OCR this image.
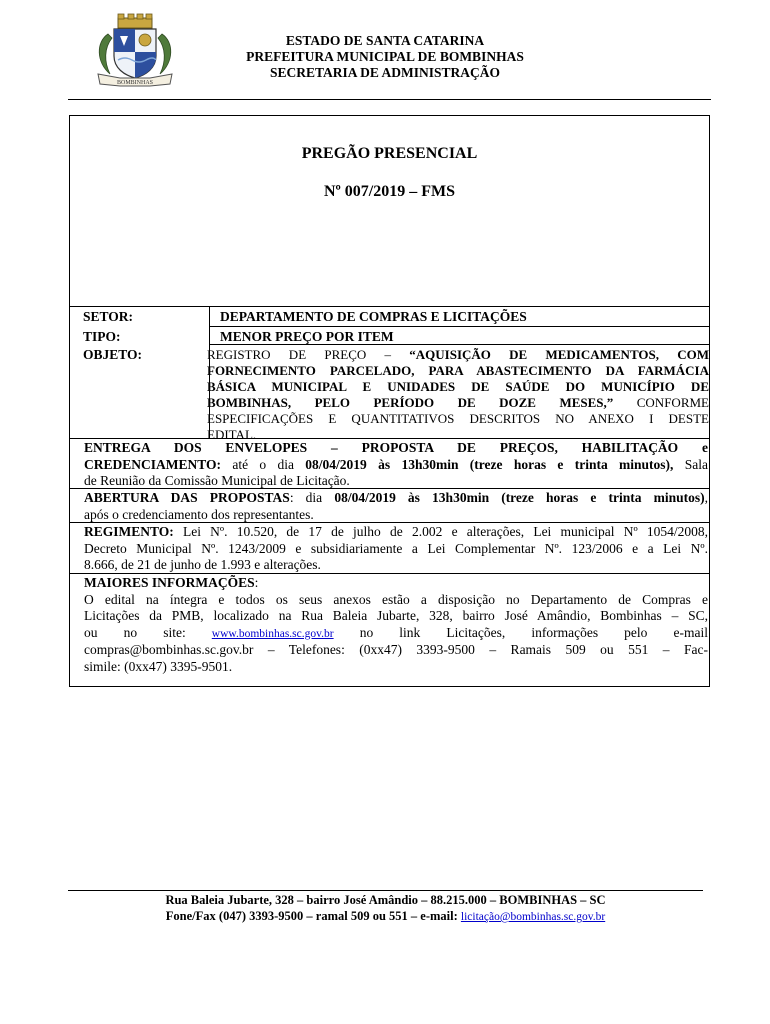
BOMBINHAS
ESTADO DE SANTA CATARINA
PREFEITURA MUNICIPAL DE BOMBINHAS
SECRETARIA DE ADMINISTRAÇÃO
PREGÃO PRESENCIAL
Nº 007/2019 – FMS
SETOR:	DEPARTAMENTO DE COMPRAS E LICITAÇÕES
TIPO:	MENOR PREÇO POR ITEM
OBJETO:	REGISTRO DE PREÇO – “AQUISIÇÃO DE MEDICAMENTOS, COM
FORNECIMENTO PARCELADO, PARA ABASTECIMENTO DA FARMÁCIA
BÁSICA MUNICIPAL E UNIDADES DE SAÚDE DO MUNICÍPIO DE
BOMBINHAS, PELO PERÍODO DE DOZE MESES,” CONFORME
ESPECIFICAÇÕES E QUANTITATIVOS DESCRITOS NO ANEXO I DESTE
EDITAL.
ENTREGA DOS ENVELOPES – PROPOSTA DE PREÇOS, HABILITAÇÃO e
CREDENCIAMENTO: até o dia 08/04/2019 às 13h30min (treze horas e trinta minutos), Sala
de Reunião da Comissão Municipal de Licitação.
ABERTURA DAS PROPOSTAS: dia 08/04/2019 às 13h30min (treze horas e trinta minutos),
após o credenciamento dos representantes.
REGIMENTO: Lei Nº. 10.520, de 17 de julho de 2.002 e alterações, Lei municipal Nº 1054/2008,
Decreto Municipal Nº. 1243/2009 e subsidiariamente a Lei Complementar Nº. 123/2006 e a Lei Nº.
8.666, de 21 de junho de 1.993 e alterações.
MAIORES INFORMAÇÕES:
O edital na íntegra e todos os seus anexos estão a disposição no Departamento de Compras e
Licitações da PMB, localizado na Rua Baleia Jubarte, 328, bairro José Amândio, Bombinhas – SC,
ou no site: www.bombinhas.sc.gov.br no link Licitações, informações pelo e-mail
compras@bombinhas.sc.gov.br – Telefones: (0xx47) 3393-9500 – Ramais 509 ou 551 – Fac-
simile: (0xx47) 3395-9501.
Rua Baleia Jubarte, 328 – bairro José Amândio – 88.215.000 – BOMBINHAS – SC
Fone/Fax (047) 3393-9500 – ramal 509 ou 551 – e-mail: licitação@bombinhas.sc.gov.br
